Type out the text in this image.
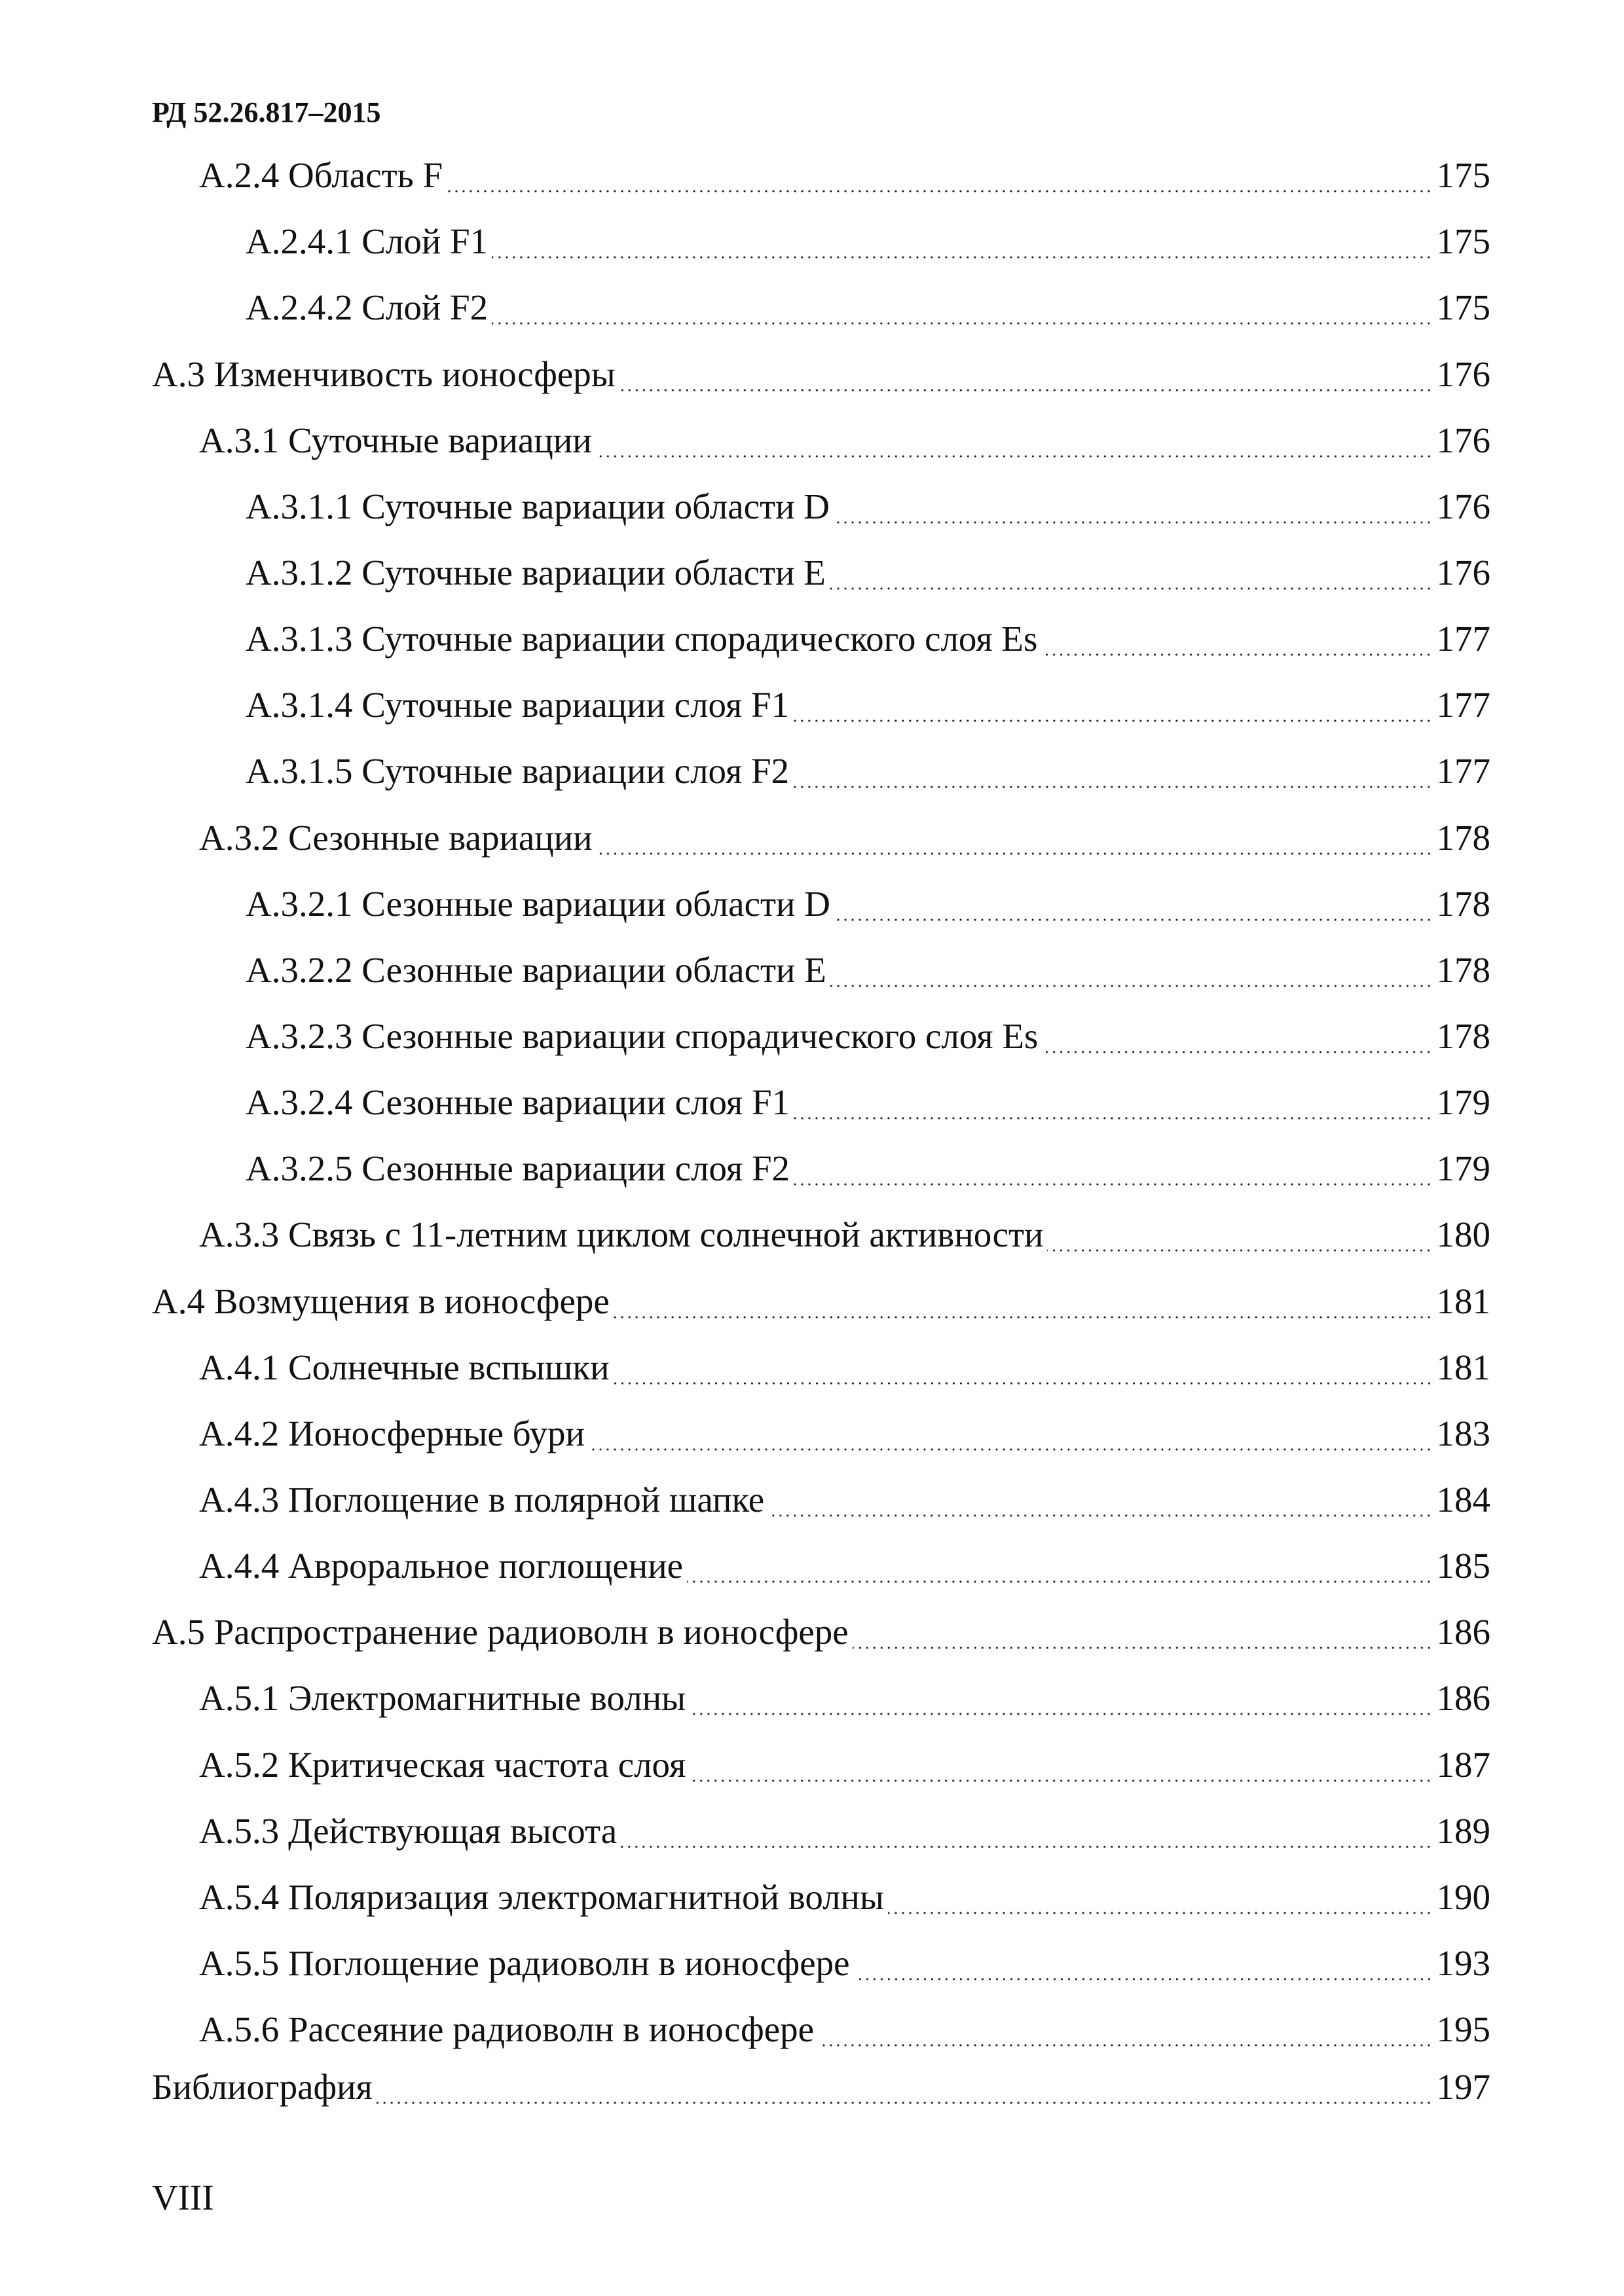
РД 52.26.817–2015
А.2.4 Область F	175
А.2.4.1 Слой F1	175
А.2.4.2 Слой F2	175
А.3 Изменчивость ионосферы	176
А.3.1 Суточные вариации	176
А.3.1.1 Суточные вариации области D	176
А.3.1.2 Суточные вариации области E	176
А.3.1.3 Суточные вариации спорадического слоя Es	177
А.3.1.4 Суточные вариации слоя F1	177
А.3.1.5 Суточные вариации слоя F2	177
А.3.2 Сезонные вариации	178
А.3.2.1 Сезонные вариации области D	178
А.3.2.2 Сезонные вариации области E	178
А.3.2.3 Сезонные вариации спорадического слоя Es	178
А.3.2.4 Сезонные вариации слоя F1	179
А.3.2.5 Сезонные вариации слоя F2	179
А.3.3 Связь с 11-летним циклом солнечной активности	180
А.4 Возмущения в ионосфере	181
А.4.1 Солнечные вспышки	181
А.4.2 Ионосферные бури	183
А.4.3 Поглощение в полярной шапке	184
А.4.4 Авроральное поглощение	185
А.5 Распространение радиоволн в ионосфере	186
А.5.1 Электромагнитные волны	186
А.5.2 Критическая частота слоя	187
А.5.3 Действующая высота	189
А.5.4 Поляризация электромагнитной волны	190
А.5.5 Поглощение радиоволн в ионосфере	193
А.5.6 Рассеяние радиоволн в ионосфере	195
Библиография	197
VIII
